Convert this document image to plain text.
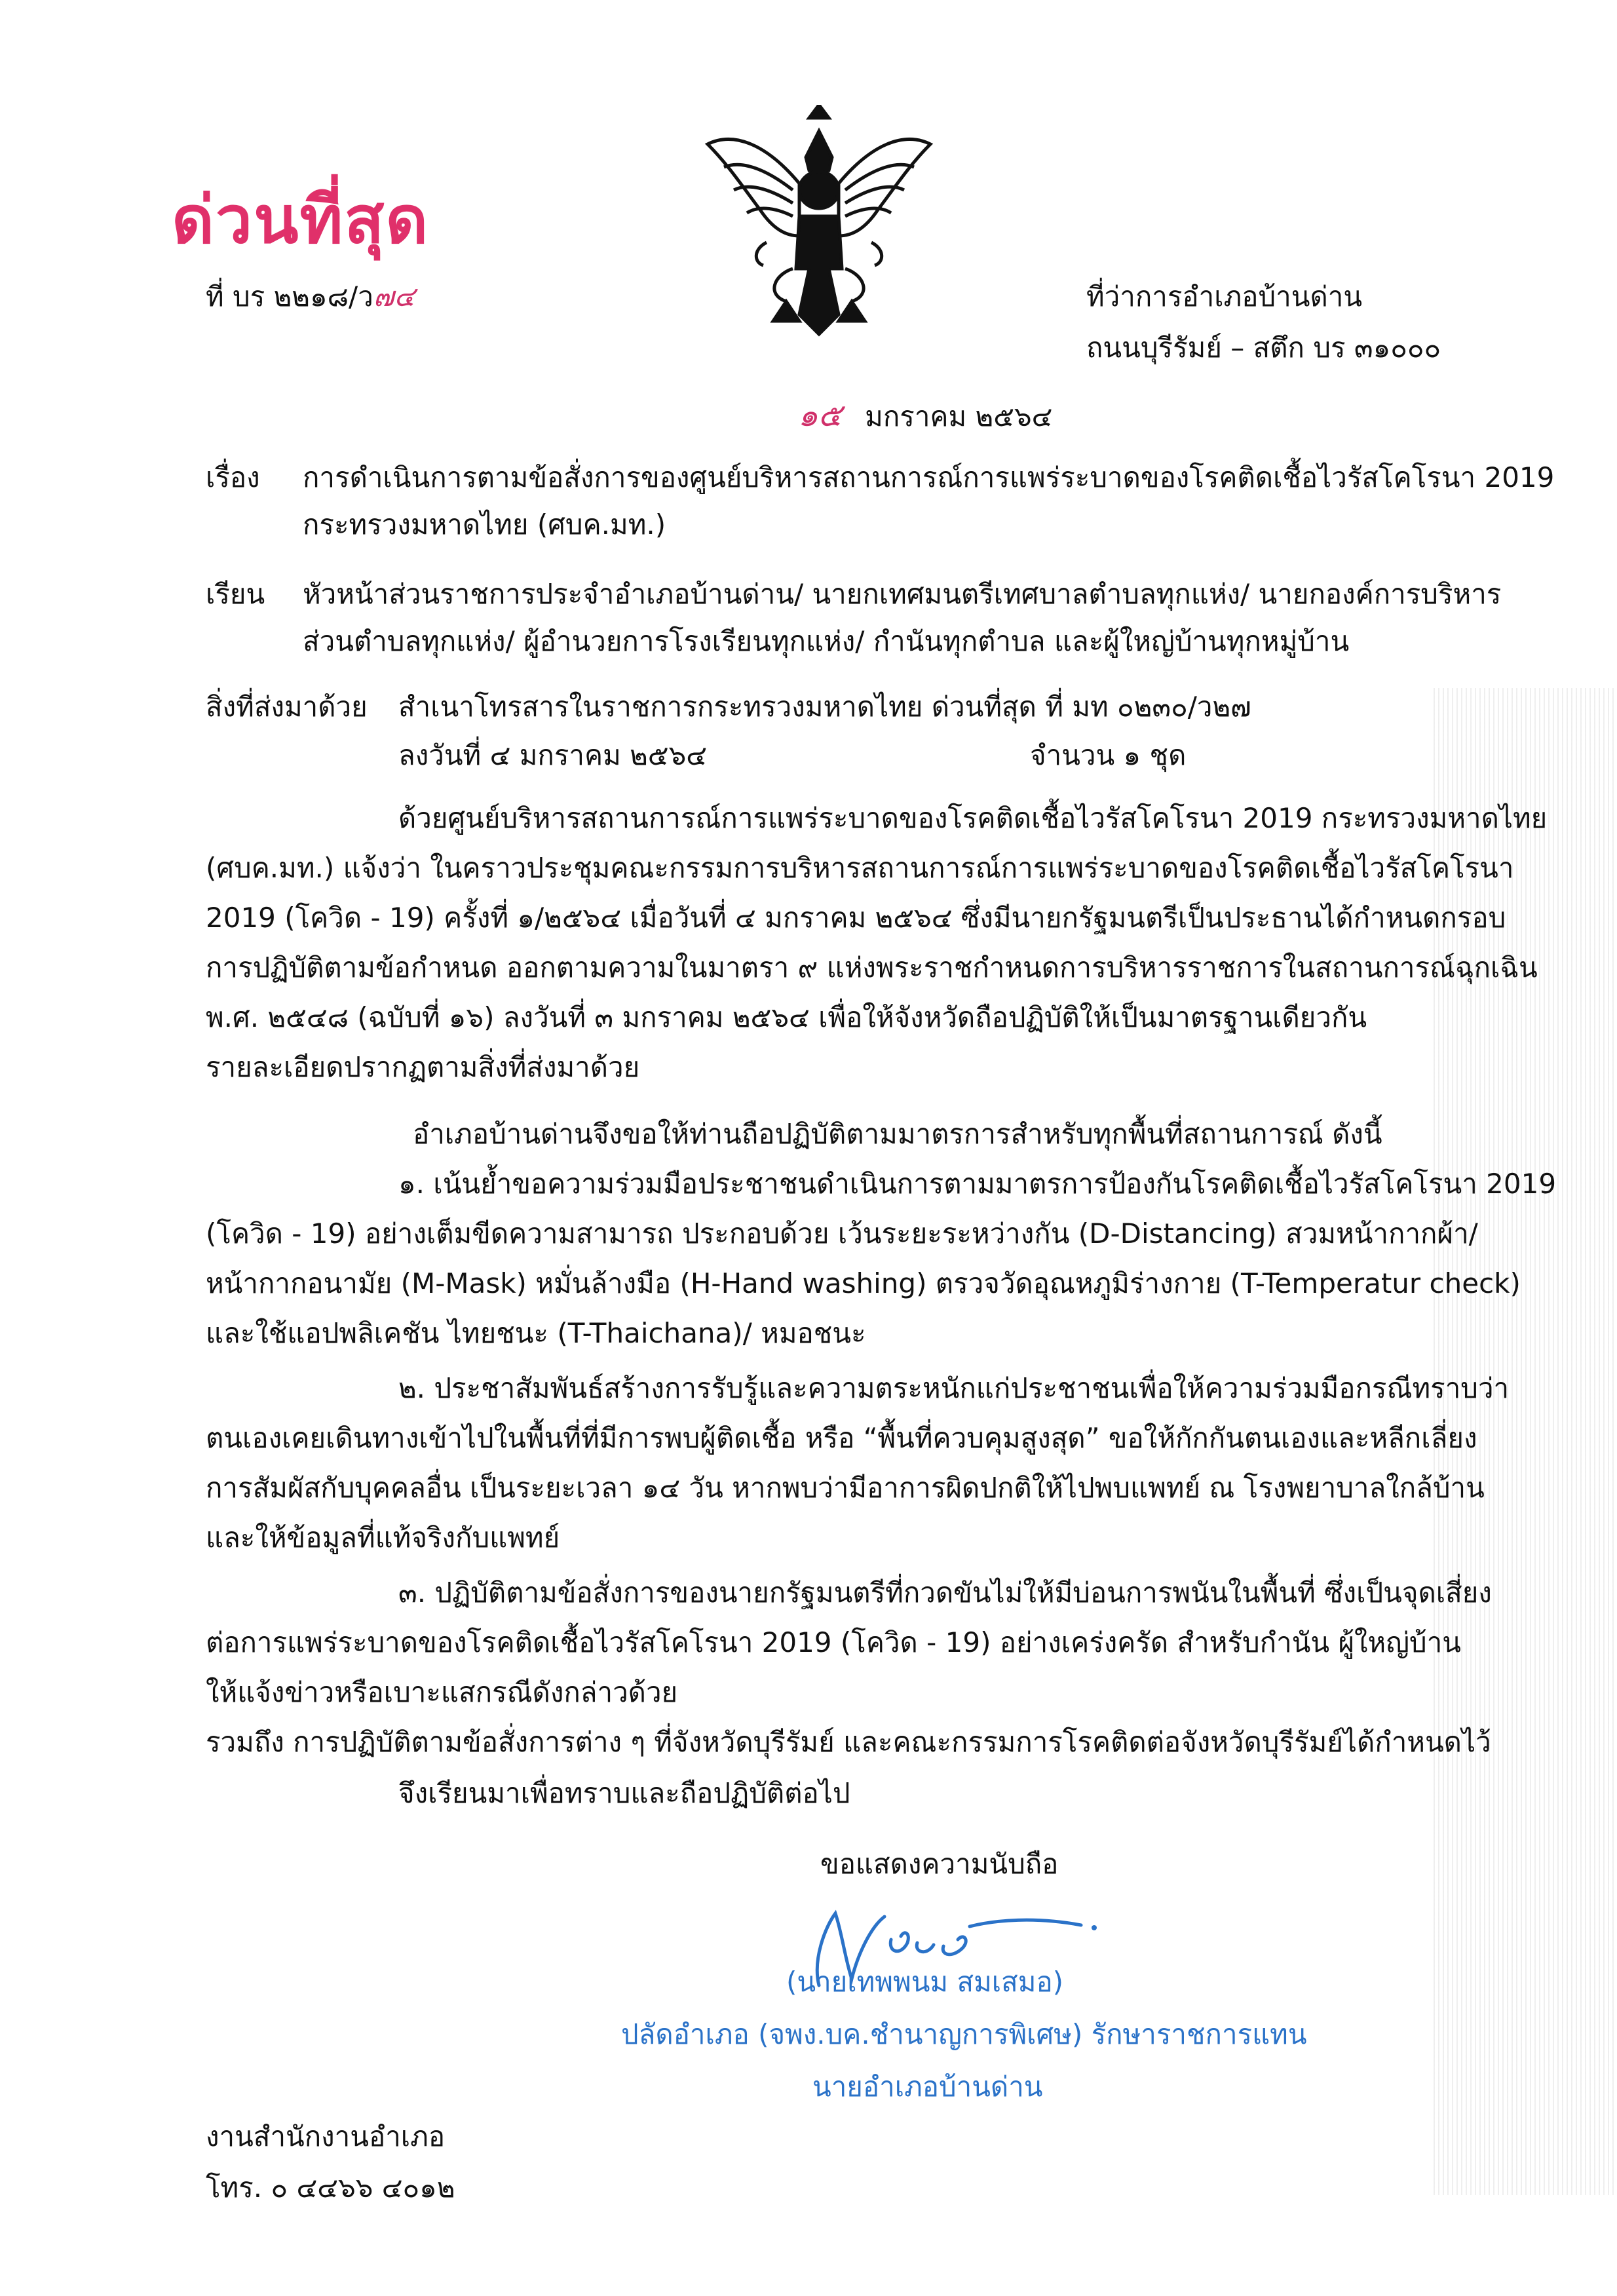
ด่วนที่สุด
ที่ บร ๒๒๑๘/ว๗๔	ที่ว่าการอำเภอบ้านด่าน
ถนนบุรีรัมย์ – สตึก บร ๓๑๐๐๐
๑๕ มกราคม ๒๕๖๔
เรื่อง การดำเนินการตามข้อสั่งการของศูนย์บริหารสถานการณ์การแพร่ระบาดของโรคติดเชื้อไวรัสโคโรนา 2019
กระทรวงมหาดไทย (ศบค.มท.)
เรียน หัวหน้าส่วนราชการประจำอำเภอบ้านด่าน/ นายกเทศมนตรีเทศบาลตำบลทุกแห่ง/ นายกองค์การบริหาร
ส่วนตำบลทุกแห่ง/ ผู้อำนวยการโรงเรียนทุกแห่ง/ กำนันทุกตำบล และผู้ใหญ่บ้านทุกหมู่บ้าน
สิ่งที่ส่งมาด้วย สำเนาโทรสารในราชการกระทรวงมหาดไทย ด่วนที่สุด ที่ มท ๐๒๓๐/ว๒๗
ลงวันที่ ๔ มกราคม ๒๕๖๔	จำนวน ๑ ชุด
ด้วยศูนย์บริหารสถานการณ์การแพร่ระบาดของโรคติดเชื้อไวรัสโคโรนา 2019 กระทรวงมหาดไทย
(ศบค.มท.) แจ้งว่า ในคราวประชุมคณะกรรมการบริหารสถานการณ์การแพร่ระบาดของโรคติดเชื้อไวรัสโคโรนา
2019 (โควิด - 19) ครั้งที่ ๑/๒๕๖๔ เมื่อวันที่ ๔ มกราคม ๒๕๖๔ ซึ่งมีนายกรัฐมนตรีเป็นประธานได้กำหนดกรอบ
การปฏิบัติตามข้อกำหนด ออกตามความในมาตรา ๙ แห่งพระราชกำหนดการบริหารราชการในสถานการณ์ฉุกเฉิน
พ.ศ. ๒๕๔๘ (ฉบับที่ ๑๖) ลงวันที่ ๓ มกราคม ๒๕๖๔ เพื่อให้จังหวัดถือปฏิบัติให้เป็นมาตรฐานเดียวกัน
รายละเอียดปรากฏตามสิ่งที่ส่งมาด้วย
อำเภอบ้านด่านจึงขอให้ท่านถือปฏิบัติตามมาตรการสำหรับทุกพื้นที่สถานการณ์ ดังนี้
๑. เน้นย้ำขอความร่วมมือประชาชนดำเนินการตามมาตรการป้องกันโรคติดเชื้อไวรัสโคโรนา 2019
(โควิด - 19) อย่างเต็มขีดความสามารถ ประกอบด้วย เว้นระยะระหว่างกัน (D-Distancing) สวมหน้ากากผ้า/
หน้ากากอนามัย (M-Mask) หมั่นล้างมือ (H-Hand washing) ตรวจวัดอุณหภูมิร่างกาย (T-Temperatur check)
และใช้แอปพลิเคชัน ไทยชนะ (T-Thaichana)/ หมอชนะ
๒. ประชาสัมพันธ์สร้างการรับรู้และความตระหนักแก่ประชาชนเพื่อให้ความร่วมมือกรณีทราบว่า
ตนเองเคยเดินทางเข้าไปในพื้นที่ที่มีการพบผู้ติดเชื้อ หรือ “พื้นที่ควบคุมสูงสุด” ขอให้กักกันตนเองและหลีกเลี่ยง
การสัมผัสกับบุคคลอื่น เป็นระยะเวลา ๑๔ วัน หากพบว่ามีอาการผิดปกติให้ไปพบแพทย์ ณ โรงพยาบาลใกล้บ้าน
และให้ข้อมูลที่แท้จริงกับแพทย์
๓. ปฏิบัติตามข้อสั่งการของนายกรัฐมนตรีที่กวดขันไม่ให้มีบ่อนการพนันในพื้นที่ ซึ่งเป็นจุดเสี่ยง
ต่อการแพร่ระบาดของโรคติดเชื้อไวรัสโคโรนา 2019 (โควิด - 19) อย่างเคร่งครัด สำหรับกำนัน ผู้ใหญ่บ้าน
ให้แจ้งข่าวหรือเบาะแสกรณีดังกล่าวด้วย
รวมถึง การปฏิบัติตามข้อสั่งการต่าง ๆ ที่จังหวัดบุรีรัมย์ และคณะกรรมการโรคติดต่อจังหวัดบุรีรัมย์ได้กำหนดไว้
จึงเรียนมาเพื่อทราบและถือปฏิบัติต่อไป
ขอแสดงความนับถือ
(นายเทพพนม สมเสมอ)
ปลัดอำเภอ (จพง.บค.ชำนาญการพิเศษ) รักษาราชการแทน
นายอำเภอบ้านด่าน
งานสำนักงานอำเภอ
โทร. ๐ ๔๔๖๖ ๔๐๑๒
